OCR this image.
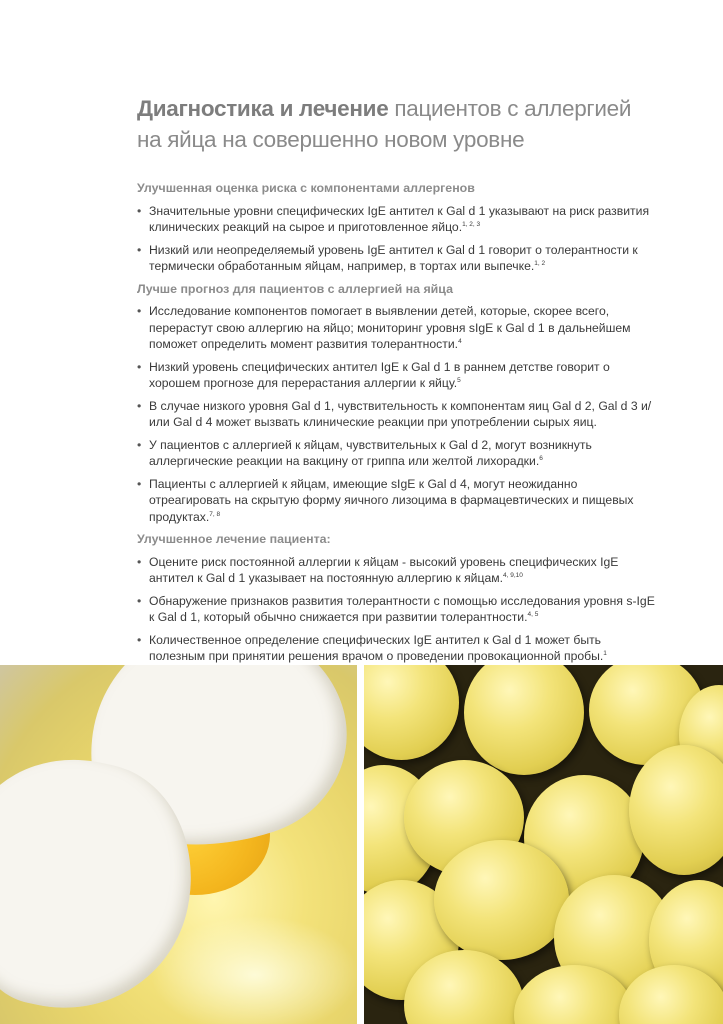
Диагностика и лечение пациентов с аллергией на яйца на совершенно новом уровне
Улучшенная оценка риска с компонентами аллергенов
• Значительные уровни специфических IgE антител к Gal d 1 указывают на риск развития клинических реакций на сырое и приготовленное яйцо.$^{1, 2, 3}$
• Низкий или неопределяемый уровень IgE антител к Gal d 1 говорит о толерантности к термически обработанным яйцам, например, в тортах или выпечке.$^{1, 2}$
Лучше прогноз для пациентов с аллергией на яйца
• Исследование компонентов помогает в выявлении детей, которые, скорее всего, перерастут свою аллергию на яйцо; мониторинг уровня sIgE к Gal d 1 в дальнейшем поможет определить момент развития толерантности.$^4$
• Низкий уровень специфических антител IgE к Gal d 1 в раннем детстве говорит о хорошем прогнозе для перерастания аллергии к яйцу.$^5$
• В случае низкого уровня Gal d 1, чувствительность к компонентам яиц Gal d 2, Gal d 3 и/или Gal d 4 может вызвать клинические реакции при употреблении сырых яиц.
• У пациентов с аллергией к яйцам, чувствительных к Gal d 2, могут возникнуть аллергические реакции на вакцину от гриппа или желтой лихорадки.$^6$
• Пациенты с аллергией к яйцам, имеющие sIgE к Gal d 4, могут неожиданно отреагировать на скрытую форму яичного лизоцима в фармацевтических и пищевых продуктах.$^{7, 8}$
Улучшенное лечение пациента:
• Оцените риск постоянной аллергии к яйцам - высокий уровень специфических IgE антител к Gal d 1 указывает на постоянную аллергию к яйцам.$^{4, 9,10}$
• Обнаружение признаков развития толерантности с помощью исследования уровня s-IgE к Gal d 1, который обычно снижается при развитии толерантности.$^{4, 5}$
• Количественное определение специфических IgE антител к Gal d 1 может быть полезным при принятии решения врачом о проведении провокационной пробы.$^1$
